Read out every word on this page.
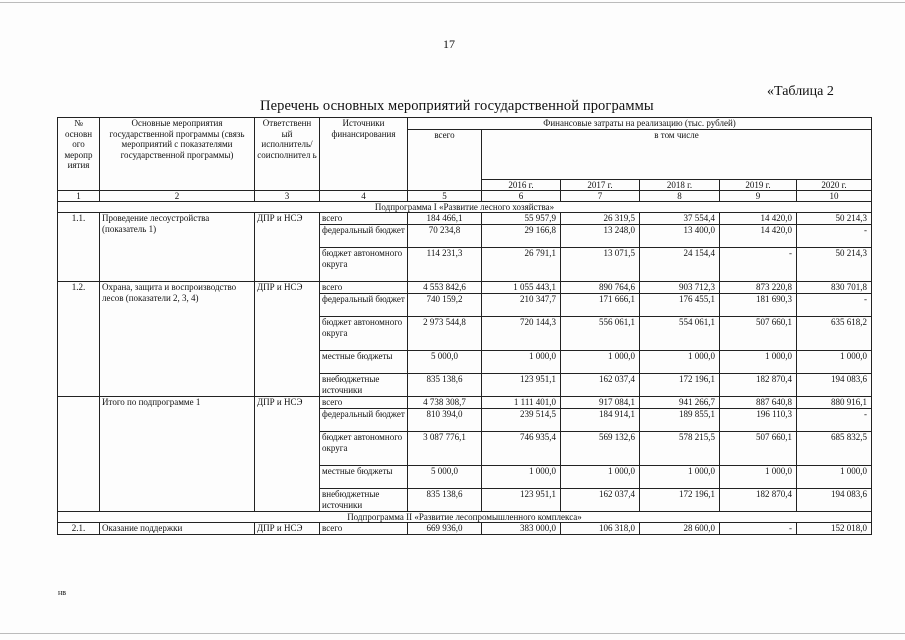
17
«Таблица 2
Перечень основных мероприятий государственной программы
№ основн ого меропр иятия	Основные мероприятия государственной программы (связь мероприятий с показателями государственной программы)	Ответственн ый исполнитель/ соисполнител ь	Источники финансирования	Финансовые затраты на реализацию (тыс. рублей)					
				всего	в том числе				
					2016 г.	2017 г.	2018 г.	2019 г.	2020 г.
1	2	3	4	5	6	7	8	9	10
Подпрограмма I «Развитие лесного хозяйства»									
1.1.	Проведение лесоустройства (показатель 1)	ДПР и НСЭ	всего	184 466,1	55 957,9	26 319,5	37 554,4	14 420,0	50 214,3
			федеральный бюджет	70 234,8	29 166,8	13 248,0	13 400,0	14 420,0	-
			бюджет автономного округа	114 231,3	26 791,1	13 071,5	24 154,4	-	50 214,3
1.2.	Охрана, защита и воспроизводство лесов (показатели 2, 3, 4)	ДПР и НСЭ	всего	4 553 842,6	1 055 443,1	890 764,6	903 712,3	873 220,8	830 701,8
			федеральный бюджет	740 159,2	210 347,7	171 666,1	176 455,1	181 690,3	-
			бюджет автономного округа	2 973 544,8	720 144,3	556 061,1	554 061,1	507 660,1	635 618,2
			местные бюджеты	5 000,0	1 000,0	1 000,0	1 000,0	1 000,0	1 000,0
			внебюджетные источники	835 138,6	123 951,1	162 037,4	172 196,1	182 870,4	194 083,6
	Итого по подпрограмме 1	ДПР и НСЭ	всего	4 738 308,7	1 111 401,0	917 084,1	941 266,7	887 640,8	880 916,1
			федеральный бюджет	810 394,0	239 514,5	184 914,1	189 855,1	196 110,3	-
			бюджет автономного округа	3 087 776,1	746 935,4	569 132,6	578 215,5	507 660,1	685 832,5
			местные бюджеты	5 000,0	1 000,0	1 000,0	1 000,0	1 000,0	1 000,0
			внебюджетные источники	835 138,6	123 951,1	162 037,4	172 196,1	182 870,4	194 083,6
Подпрограмма II «Развитие лесопромышленного комплекса»									
2.1.	Оказание поддержки	ДПР и НСЭ	всего	669 936,0	383 000,0	106 318,0	28 600,0	-	152 018,0
нв
